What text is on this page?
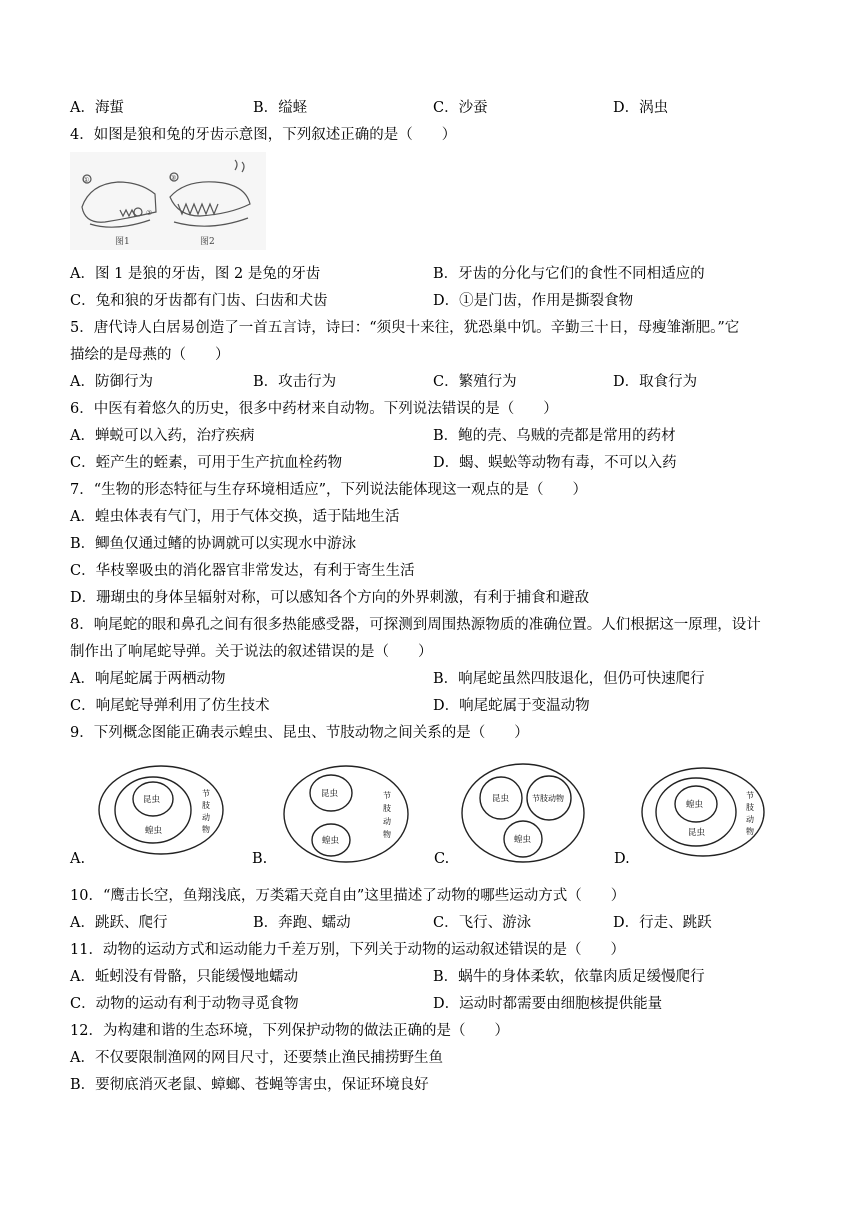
A．海蜇	B．缢蛏	C．沙蚕	D．涡虫
4．如图是狼和兔的牙齿示意图，下列叙述正确的是（　　）
图1
①
②
③
图2
A．图 1 是狼的牙齿，图 2 是兔的牙齿	B．牙齿的分化与它们的食性不同相适应的
C．兔和狼的牙齿都有门齿、臼齿和犬齿	D．①是门齿，作用是撕裂食物
5．唐代诗人白居易创造了一首五言诗，诗曰：“须臾十来往，犹恐巢中饥。辛勤三十日，母瘦雏渐肥。”它
描绘的是母燕的（　　）
A．防御行为	B．攻击行为	C．繁殖行为	D．取食行为
6．中医有着悠久的历史，很多中药材来自动物。下列说法错误的是（　　）
A．蝉蜕可以入药，治疗疾病	B．鲍的壳、乌贼的壳都是常用的药材
C．蛭产生的蛭素，可用于生产抗血栓药物	D．蝎、蜈蚣等动物有毒，不可以入药
7．“生物的形态特征与生存环境相适应”，下列说法能体现这一观点的是（　　）
A．蝗虫体表有气门，用于气体交换，适于陆地生活
B．鲫鱼仅通过鳍的协调就可以实现水中游泳
C．华枝睾吸虫的消化器官非常发达，有利于寄生生活
D．珊瑚虫的身体呈辐射对称，可以感知各个方向的外界刺激，有利于捕食和避敌
8．响尾蛇的眼和鼻孔之间有很多热能感受器，可探测到周围热源物质的准确位置。人们根据这一原理，设计
制作出了响尾蛇导弹。关于说法的叙述错误的是（　　）
A．响尾蛇属于两栖动物	B．响尾蛇虽然四肢退化，但仍可快速爬行
C．响尾蛇导弹利用了仿生技术	D．响尾蛇属于变温动物
9．下列概念图能正确表示蝗虫、昆虫、节肢动物之间关系的是（　　）
昆虫
蝗虫
节
肢
动
物
A.
昆虫
蝗虫
节
肢
动
物
B.
昆虫	节肢动物
蝗虫
C.
蝗虫
昆虫
节
肢
动
物
D.
10．“鹰击长空，鱼翔浅底，万类霜天竞自由”这里描述了动物的哪些运动方式（　　）
A．跳跃、爬行	B．奔跑、蠕动	C．飞行、游泳	D．行走、跳跃
11．动物的运动方式和运动能力千差万别，下列关于动物的运动叙述错误的是（　　）
A．蚯蚓没有骨骼，只能缓慢地蠕动	B．蜗牛的身体柔软，依靠肉质足缓慢爬行
C．动物的运动有利于动物寻觅食物	D．运动时都需要由细胞核提供能量
12．为构建和谐的生态环境，下列保护动物的做法正确的是（　　）
A．不仅要限制渔网的网目尺寸，还要禁止渔民捕捞野生鱼
B．要彻底消灭老鼠、蟑螂、苍蝇等害虫，保证环境良好
